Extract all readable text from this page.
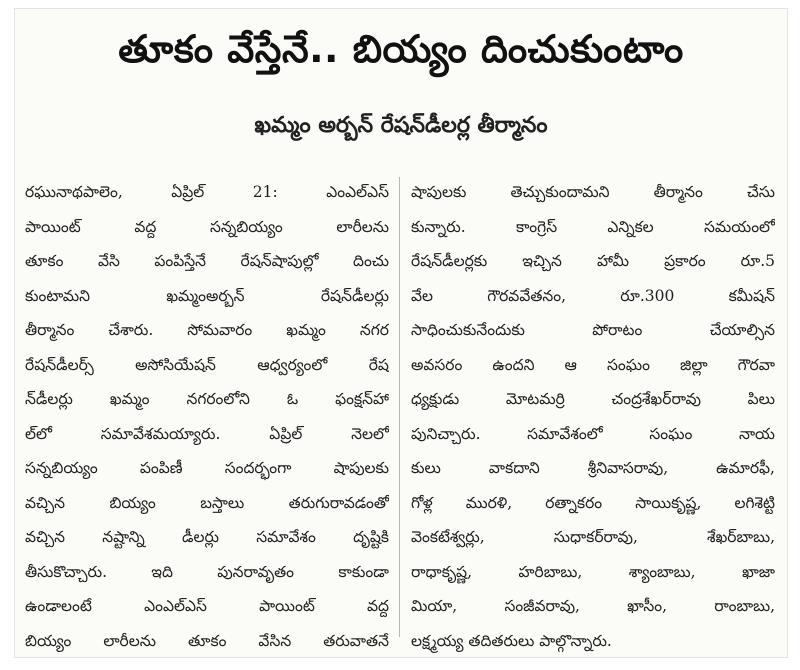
తూకం వేస్తేనే.. బియ్యం దించుకుంటాం
ఖమ్మం అర్బన్ రేషన్‌డీలర్ల తీర్మానం
రఘునాథపాలెం, ఏప్రిల్ 21: ఎంఎల్ఎస్
పాయింట్ వద్ద సన్నబియ్యం లారీలను
తూకం వేసి పంపిస్తేనే రేషన్‌షాపుల్లో దించు
కుంటామని ఖమ్మంఅర్బన్ రేషన్‌డీలర్లు
తీర్మానం చేశారు. సోమవారం ఖమ్మం నగర
రేషన్‌డీలర్స్ అసోసియేషన్ ఆధ్వర్యంలో రేష
న్‌డీలర్లు ఖమ్మం నగరంలోని ఓ ఫంక్షన్‌హా
ల్‌లో సమావేశమయ్యారు. ఏప్రిల్ నెలలో
సన్నబియ్యం పంపిణీ సందర్భంగా షాపులకు
వచ్చిన బియ్యం బస్తాలు తరుగురావడంతో
వచ్చిన నష్టాన్ని డీలర్లు సమావేశం దృష్టికి
తీసుకొచ్చారు. ఇది పునరావృతం కాకుండా
ఉండాలంటే ఎంఎల్ఎస్ పాయింట్ వద్ద
బియ్యం లారీలను తూకం వేసిన తరువాతనే
షాపులకు తెచ్చుకుందామని తీర్మానం చేసు
కున్నారు. కాంగ్రెస్ ఎన్నికల సమయంలో
రేషన్‌డీలర్లకు ఇచ్చిన హామీ ప్రకారం రూ.5
వేల గౌరవవేతనం, రూ.300 కమీషన్
సాధించుకునేందుకు పోరాటం చేయాల్సిన
అవసరం ఉందని ఆ సంఘం జిల్లా గౌరవా
ధ్యక్షుడు మోటమర్రి చంద్రశేఖర్‌రావు పిలు
పునిచ్చారు. సమావేశంలో సంఘం నాయ
కులు వాకదాని శ్రీనివాసరావు, ఉమారఫీ,
గోళ్ల మురళి, రత్నాకరం సాయికృష్ణ, లగిశెట్టి
వెంకటేశ్వర్లు, సుధాకర్‌రావు, శేఖర్‌బాబు,
రాధాకృష్ణ, హరిబాబు, శ్యాంబాబు, ఖాజా
మియా, సంజీవరావు, ఖాసీం, రాంబాబు,
లక్ష్మయ్య తదితరులు పాల్గొన్నారు.
